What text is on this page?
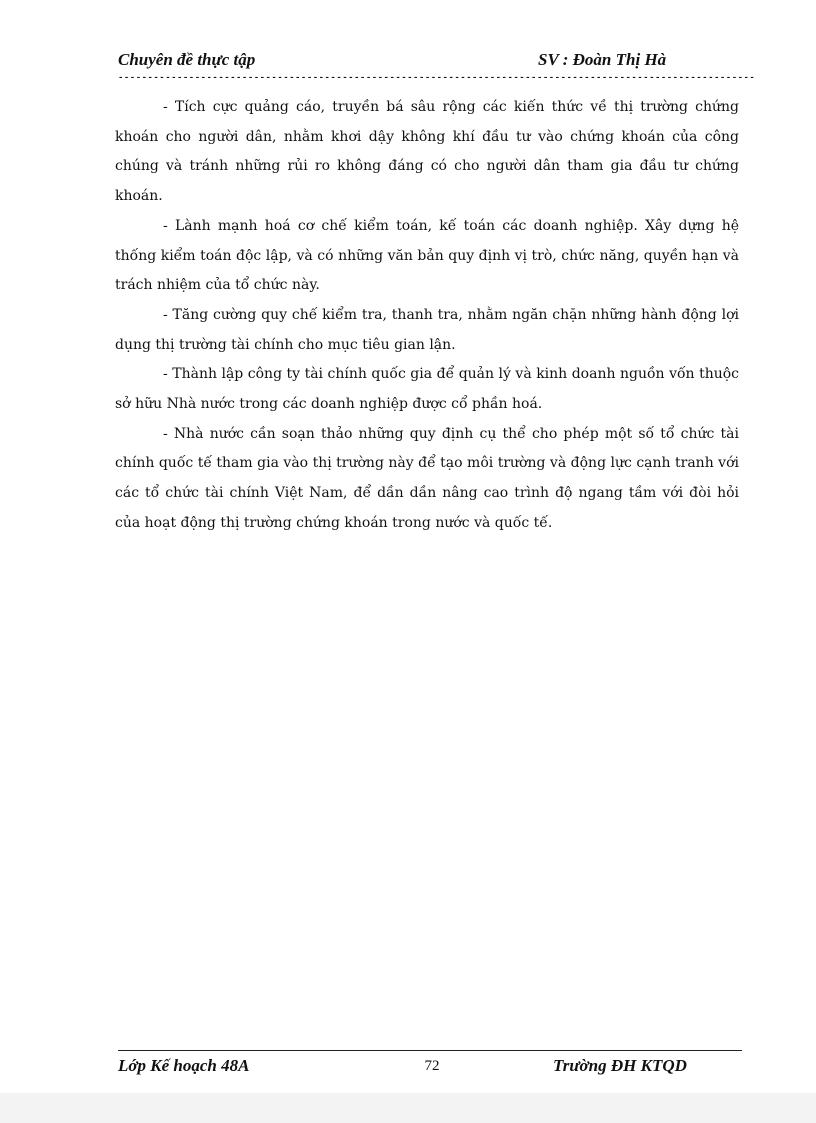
Chuyên đề thực tập	SV : Đoàn Thị Hà
------------------------------------------------------------------------------------------------------------

- Tích cực quảng cáo, truyền bá sâu rộng các kiến thức về thị trường chứng khoán cho người dân, nhằm khơi dậy không khí đầu tư vào chứng khoán của công chúng và tránh những rủi ro không đáng có cho người dân tham gia đầu tư chứng khoán.

- Lành mạnh hoá cơ chế kiểm toán, kế toán các doanh nghiệp. Xây dựng hệ thống kiểm toán độc lập, và có những văn bản quy định vị trò, chức năng, quyền hạn và trách nhiệm của tổ chức này.

- Tăng cường quy chế kiểm tra, thanh tra, nhằm ngăn chặn những hành động lợi dụng thị trường tài chính cho mục tiêu gian lận.

- Thành lập công ty tài chính quốc gia để quản lý và kinh doanh nguồn vốn thuộc sở hữu Nhà nước trong các doanh nghiệp được cổ phần hoá.

- Nhà nước cần soạn thảo những quy định cụ thể cho phép một số tổ chức tài chính quốc tế tham gia vào thị trường này để tạo môi trường và động lực cạnh tranh với các tổ chức tài chính Việt Nam, để dần dần nâng cao trình độ ngang tầm với đòi hỏi của hoạt động thị trường chứng khoán trong nước và quốc tế.

Lớp Kế hoạch 48A	72	Trường ĐH KTQD
